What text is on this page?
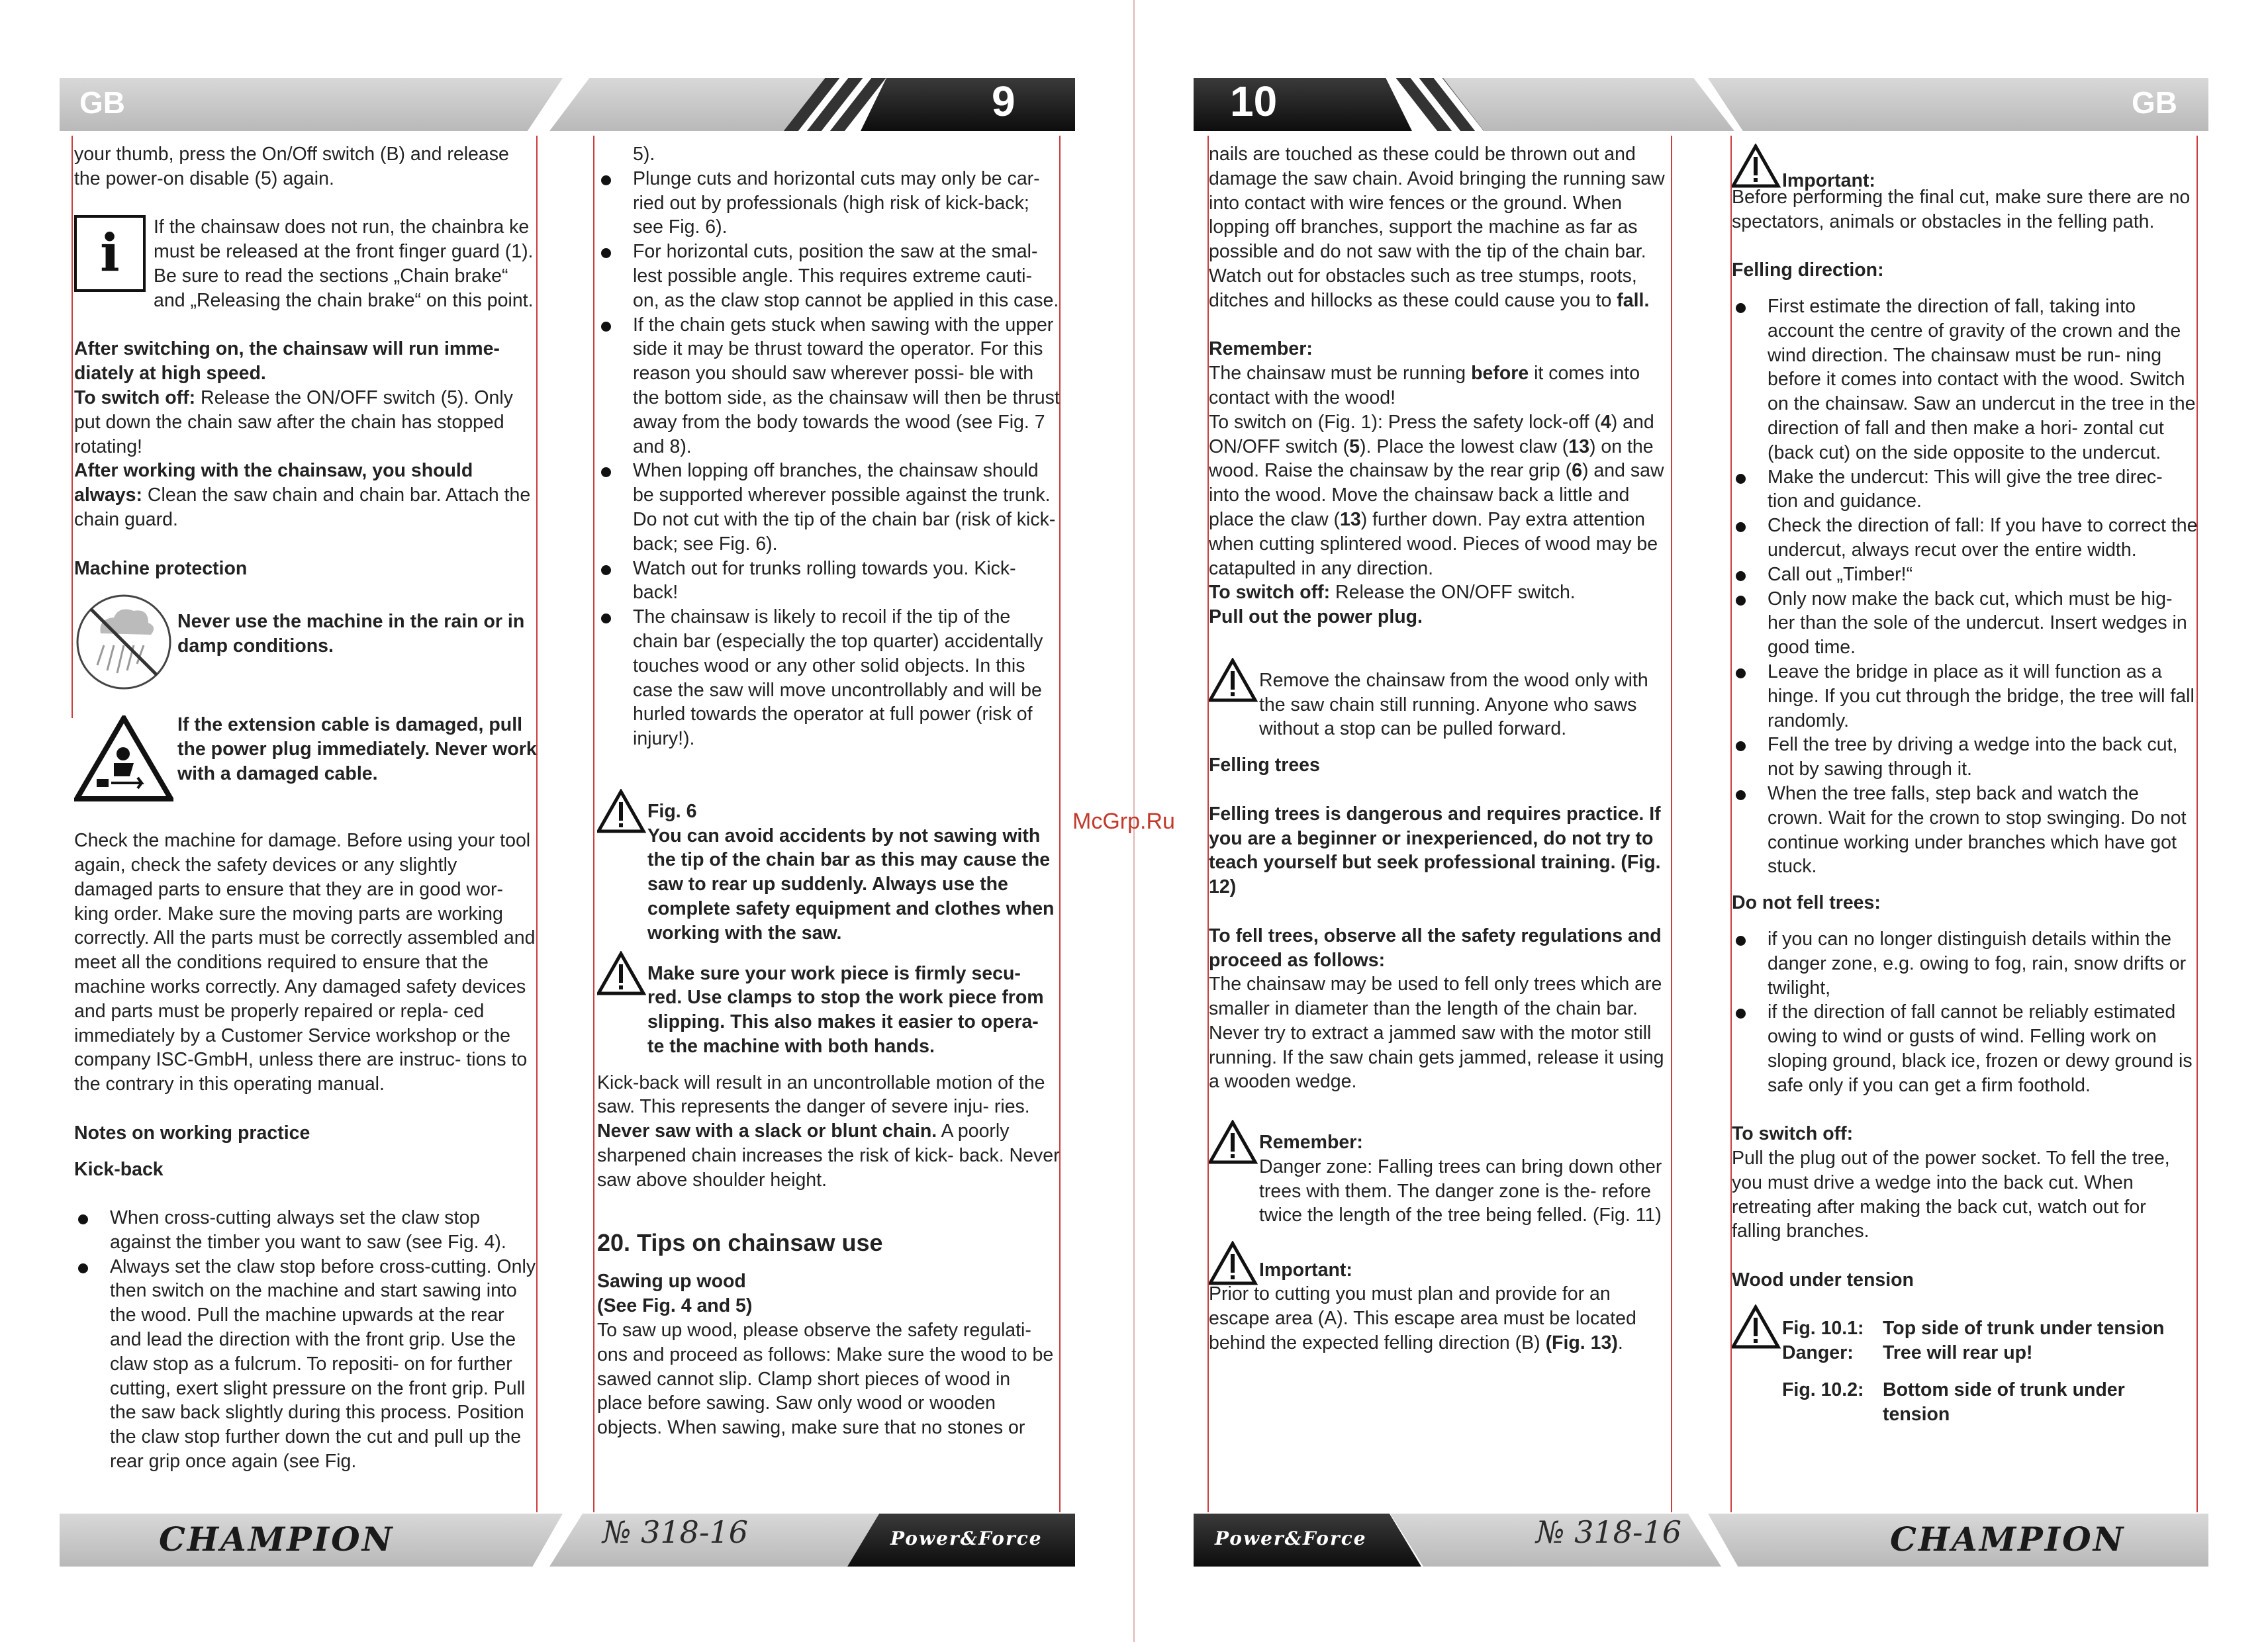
GB	9	10	GB

your thumb, press the On/Off switch (B) and release the power-on disable (5) again.

i	If the chainsaw does not run, the chainbra ke must be released at the front finger guard (1). Be sure to read the sections „Chain brake“ and „Releasing the chain brake“ on this point.

After switching on, the chainsaw will run imme- diately at high speed.

To switch off: Release the ON/OFF switch (5). Only put down the chain saw after the chain has stopped rotating!

After working with the chainsaw, you should always: Clean the saw chain and chain bar. Attach the chain guard.

Machine protection

Never use the machine in the rain or in damp conditions.

If the extension cable is damaged, pull the power plug immediately. Never work with a damaged cable.

Check the machine for damage. Before using your tool again, check the safety devices or any slightly damaged parts to ensure that they are in good wor- king order. Make sure the moving parts are working correctly. All the parts must be correctly assembled and meet all the conditions required to ensure that the machine works correctly. Any damaged safety devices and parts must be properly repaired or repla- ced immediately by a Customer Service workshop or the company ISC-GmbH, unless there are instruc- tions to the contrary in this operating manual.

Notes on working practice

Kick-back

When cross-cutting always set the claw stop against the timber you want to saw (see Fig. 4).
Always set the claw stop before cross-cutting. Only then switch on the machine and start sawing into the wood. Pull the machine upwards at the rear and lead the direction with the front grip. Use the claw stop as a fulcrum. To repositi- on for further cutting, exert slight pressure on the front grip. Pull the saw back slightly during this process. Position the claw stop further down the cut and pull up the rear grip once again (see Fig.

5).

Plunge cuts and horizontal cuts may only be car- ried out by professionals (high risk of kick-back; see Fig. 6).
For horizontal cuts, position the saw at the smal- lest possible angle. This requires extreme cauti- on, as the claw stop cannot be applied in this case.
If the chain gets stuck when sawing with the upper side it may be thrust toward the operator. For this reason you should saw wherever possi- ble with the bottom side, as the chainsaw will then be thrust away from the body towards the wood (see Fig. 7 and 8).
When lopping off branches, the chainsaw should be supported wherever possible against the trunk. Do not cut with the tip of the chain bar (risk of kick-back; see Fig. 6).
Watch out for trunks rolling towards you. Kick-back!
The chainsaw is likely to recoil if the tip of the chain bar (especially the top quarter) accidentally touches wood or any other solid objects. In this case the saw will move uncontrollably and will be hurled towards the operator at full power (risk of injury!).

Fig. 6

You can avoid accidents by not sawing with the tip of the chain bar as this may cause the saw to rear up suddenly. Always use the complete safety equipment and clothes when working with the saw.

Make sure your work piece is firmly secu- red. Use clamps to stop the work piece from slipping. This also makes it easier to opera- te the machine with both hands.

Kick-back will result in an uncontrollable motion of the saw. This represents the danger of severe inju- ries. Never saw with a slack or blunt chain. A poorly sharpened chain increases the risk of kick- back. Never saw above shoulder height.

20. Tips on chainsaw use

Sawing up wood (See Fig. 4 and 5)

To saw up wood, please observe the safety regulati- ons and proceed as follows: Make sure the wood to be sawed cannot slip. Clamp short pieces of wood in place before sawing. Saw only wood or wooden objects. When sawing, make sure that no stones or

nails are touched as these could be thrown out and damage the saw chain. Avoid bringing the running saw into contact with wire fences or the ground. When lopping off branches, support the machine as far as possible and do not saw with the tip of the chain bar. Watch out for obstacles such as tree stumps, roots, ditches and hillocks as these could cause you to fall.

Remember:

The chainsaw must be running before it comes into contact with the wood!

To switch on (Fig. 1): Press the safety lock-off (4) and ON/OFF switch (5). Place the lowest claw (13) on the wood. Raise the chainsaw by the rear grip (6) and saw into the wood. Move the chainsaw back a little and place the claw (13) further down. Pay extra attention when cutting splintered wood. Pieces of wood may be catapulted in any direction.

To switch off: Release the ON/OFF switch.

Pull out the power plug.

Remove the chainsaw from the wood only with the saw chain still running. Anyone who saws without a stop can be pulled forward.

Felling trees

Felling trees is dangerous and requires practice. If you are a beginner or inexperienced, do not try to teach yourself but seek professional training. (Fig. 12)

To fell trees, observe all the safety regulations and proceed as follows:

The chainsaw may be used to fell only trees which are smaller in diameter than the length of the chain bar. Never try to extract a jammed saw with the motor still running. If the saw chain gets jammed, release it using a wooden wedge.

Remember:

Danger zone: Falling trees can bring down other trees with them. The danger zone is the- refore twice the length of the tree being felled. (Fig. 11)

Important:

Prior to cutting you must plan and provide for an escape area (A). This escape area must be located behind the expected felling direction (B) (Fig. 13).

Important:

Before performing the final cut, make sure there are no spectators, animals or obstacles in the felling path.

Felling direction:

First estimate the direction of fall, taking into account the centre of gravity of the crown and the wind direction. The chainsaw must be run- ning before it comes into contact with the wood. Switch on the chainsaw. Saw an undercut in the tree in the direction of fall and then make a hori- zontal cut (back cut) on the side opposite to the undercut.
Make the undercut: This will give the tree direc- tion and guidance.
Check the direction of fall: If you have to correct the undercut, always recut over the entire width.
Call out „Timber!“
Only now make the back cut, which must be hig- her than the sole of the undercut. Insert wedges in good time.
Leave the bridge in place as it will function as a hinge. If you cut through the bridge, the tree will fall randomly.
Fell the tree by driving a wedge into the back cut, not by sawing through it.
When the tree falls, step back and watch the crown. Wait for the crown to stop swinging. Do not continue working under branches which have got stuck.

Do not fell trees:

if you can no longer distinguish details within the danger zone, e.g. owing to fog, rain, snow drifts or twilight,
if the direction of fall cannot be reliably estimated owing to wind or gusts of wind. Felling work on sloping ground, black ice, frozen or dewy ground is safe only if you can get a firm foothold.

To switch off:

Pull the plug out of the power socket. To fell the tree, you must drive a wedge into the back cut. When retreating after making the back cut, watch out for falling branches.

Wood under tension

Fig. 10.1: Top side of trunk under tension
Danger:	Tree will rear up!
Fig. 10.2: Bottom side of trunk under tension
McGrp.Ru
CHAMPION	№ 318-16	Power&Force	Power&Force	№ 318-16	CHAMPION
